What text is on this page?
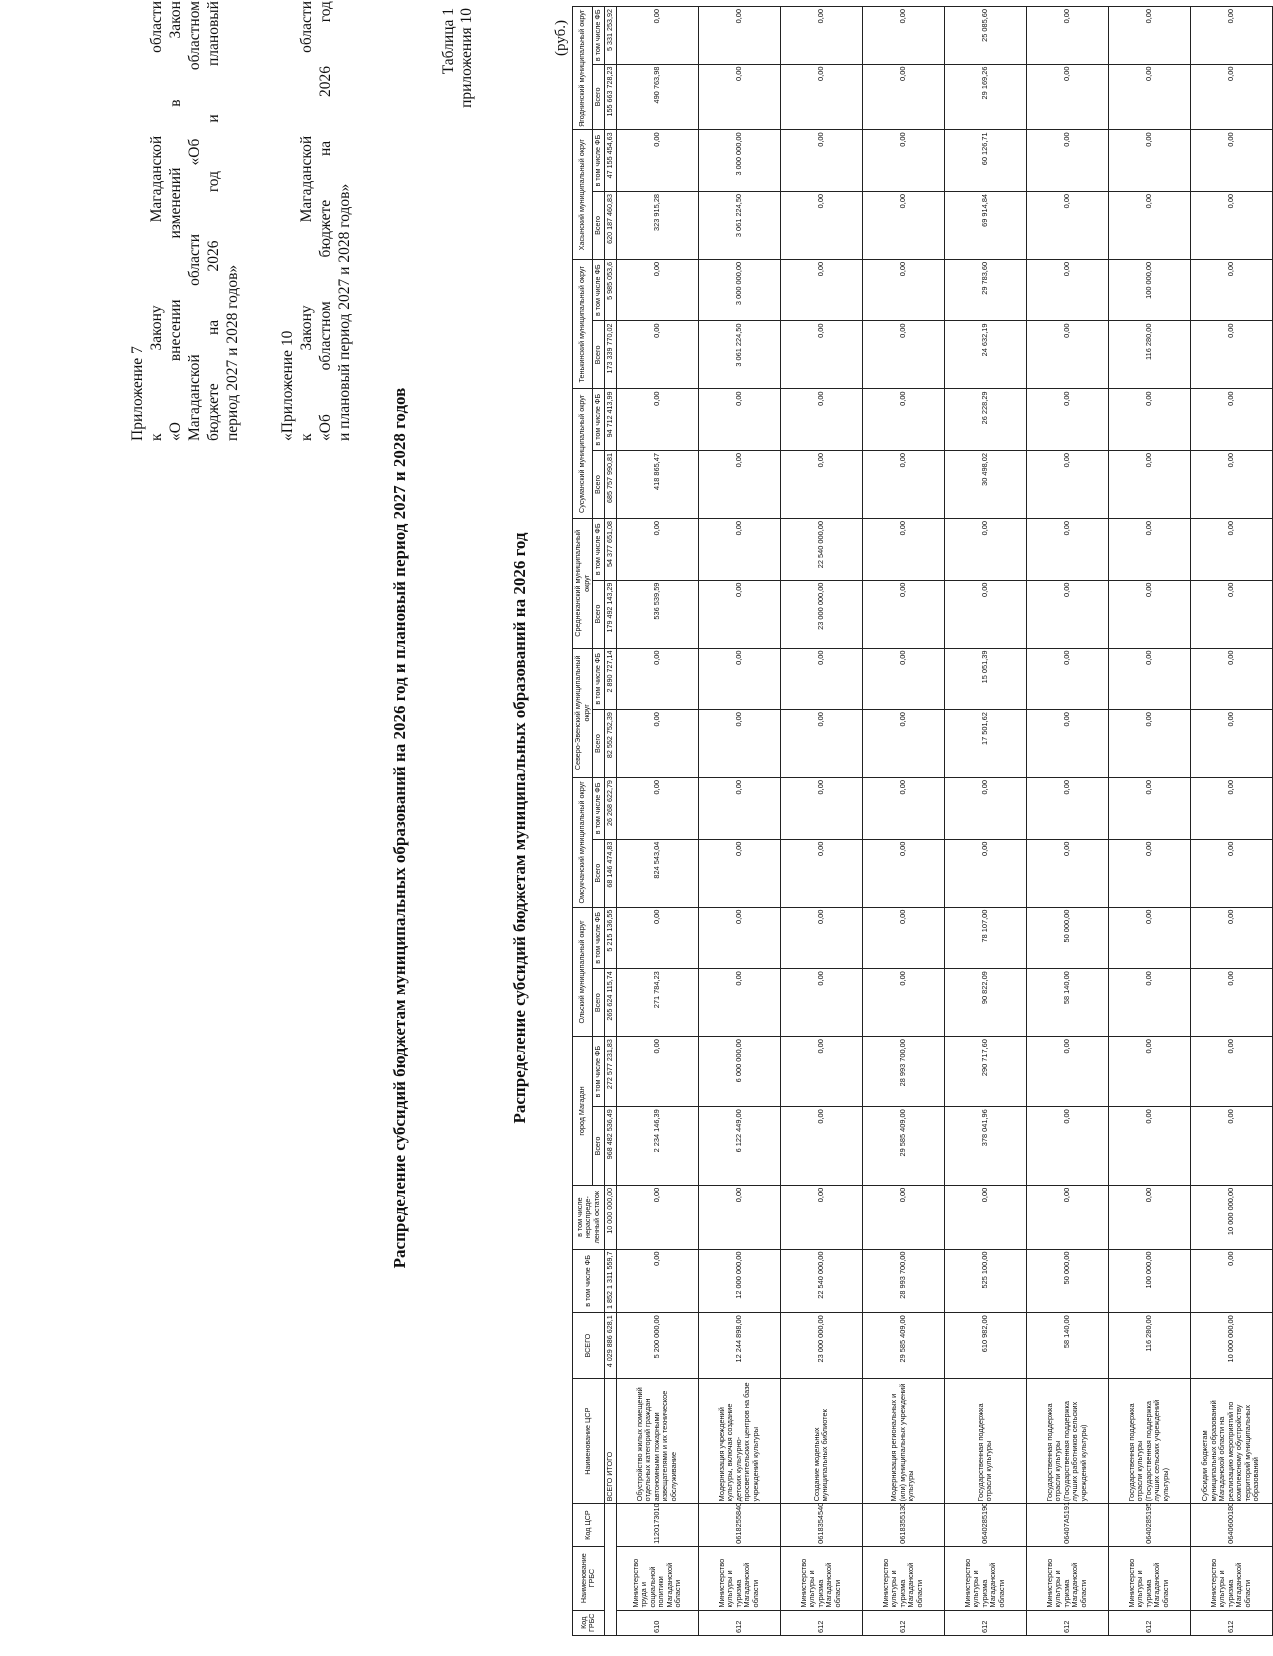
Приложение 7 к
Закону
Магаданской
области
«О
внесении
изменений
в
Закон
Магаданской
области
«Об
областном
бюджете
на
2026
год
и
плановый
период 2027 и 2028 годов» «Приложение 10 к
Закону
Магаданской
области
«Об
областном
бюджете
на
2026
год
и плановый период 2027 и 2028 годов»
Таблица 1 приложения 10
Распределение субсидий бюджетам муниципальных образований на 2026 год и плановый период 2027 и 2028 годов	Распределение субсидий бюджетам муниципальных образований на 2026 год
(руб.)
Код ГРБС	Наименование ГРБС	Код ЦСР	Наименование ЦСР	ВСЕГО	в том числе ФБ	в том числе нераспреде-ленный остаток	город Магадан		Ольский муниципальный округ		Омсукчанский муниципальный округ		Северо-Эвенский муниципальный округ		Среднеканский муниципальный округ		Сусуманский муниципальный округ		Тенькинский муниципальный округ		Хасынский муниципальный округ		Ягоднинский муниципальный округ	
							Всего	в том числе ФБ	Всего	в том числе ФБ	Всего	в том числе ФБ	Всего	в том числе ФБ	Всего	в том числе ФБ	Всего	в том числе ФБ	Всего	в том числе ФБ	Всего	в том числе ФБ	Всего	в том числе ФБ
			ВСЕГО ИТОГО	4 029 886 628,1	1 852 1 311 559,7	10 000 000,00	968 482 536,49	272 577 231,83	265 624 115,74	5 215 136,55	68 146 474,83	26 268 622,79	82 552 752,39	2 890 727,14	179 492 143,29	54 377 651,08	685 757 990,81	94 712 413,99	173 339 770,02	5 985 053,6	620 187 460,83	47 155 454,63	155 663 728,23	5 331 253,92
610	Министерство труда и социальной политики Магаданской области	1120173010	Обустройство жилых помещений отдельных категорий граждан автономными пожарными извещателями и их техническое обслуживание	5 200 000,00	0,00	0,00	2 234 146,39	0,00	271 784,23	0,00	824 543,04	0,00	0,00	0,00	536 539,59	0,00	418 865,47	0,00	0,00	0,00	323 915,28	0,00	490 763,98	0,00
612	Министерство культуры и туризма Магаданской области	0618255840	Модернизация учреждений культуры, включая создание детских культурно-просветительских центров на базе учреждений культуры	12 244 898,00	12 000 000,00	0,00	6 122 449,00	6 000 000,00	0,00	0,00	0,00	0,00	0,00	0,00	0,00	0,00	0,00	0,00	3 061 224,50	3 000 000,00	3 061 224,50	3 000 000,00	0,00	0,00
612	Министерство культуры и туризма Магаданской области	0618354540	Создание модельных муниципальных библиотек	23 000 000,00	22 540 000,00	0,00	0,00	0,00	0,00	0,00	0,00	0,00	0,00	0,00	23 000 000,00	22 540 000,00	0,00	0,00	0,00	0,00	0,00	0,00	0,00	0,00
612	Министерство культуры и туризма Магаданской области	0618355130	Модернизация региональных и (или) муниципальных учреждений культуры	29 585 409,00	28 993 700,00	0,00	29 585 409,00	28 993 700,00	0,00	0,00	0,00	0,00	0,00	0,00	0,00	0,00	0,00	0,00	0,00	0,00	0,00	0,00	0,00	0,00
612	Министерство культуры и туризма Магаданской области	0640285190	Государственная поддержка отрасли культуры	610 982,00	525 100,00	0,00	378 041,96	290 717,60	90 822,09	78 107,00	0,00	0,00	17 501,62	15 051,39	0,00	0,00	30 498,02	26 228,29	24 632,19	29 783,60	69 914,84	60 126,71	29 169,26	25 085,60
612	Министерство культуры и туризма Магаданской области	06407A5191	Государственная поддержка отрасли культуры (Государственная поддержка лучших работников сельских учреждений культуры)	58 140,00	50 000,00	0,00	0,00	0,00	58 140,00	50 000,00	0,00	0,00	0,00	0,00	0,00	0,00	0,00	0,00	0,00	0,00	0,00	0,00	0,00	0,00
612	Министерство культуры и туризма Магаданской области	0640285195	Государственная поддержка отрасли культуры (Государственная поддержка лучших сельских учреждений культуры)	116 280,00	100 000,00	0,00	0,00	0,00	0,00	0,00	0,00	0,00	0,00	0,00	0,00	0,00	0,00	0,00	116 280,00	100 000,00	0,00	0,00	0,00	0,00
612	Министерство культуры и туризма Магаданской области	0640600180	Субсидии бюджетам муниципальных образований Магаданской области на реализацию мероприятий по комплексному обустройству территорий муниципальных образований	10 000 000,00	0,00	10 000 000,00	0,00	0,00	0,00	0,00	0,00	0,00	0,00	0,00	0,00	0,00	0,00	0,00	0,00	0,00	0,00	0,00	0,00	0,00
